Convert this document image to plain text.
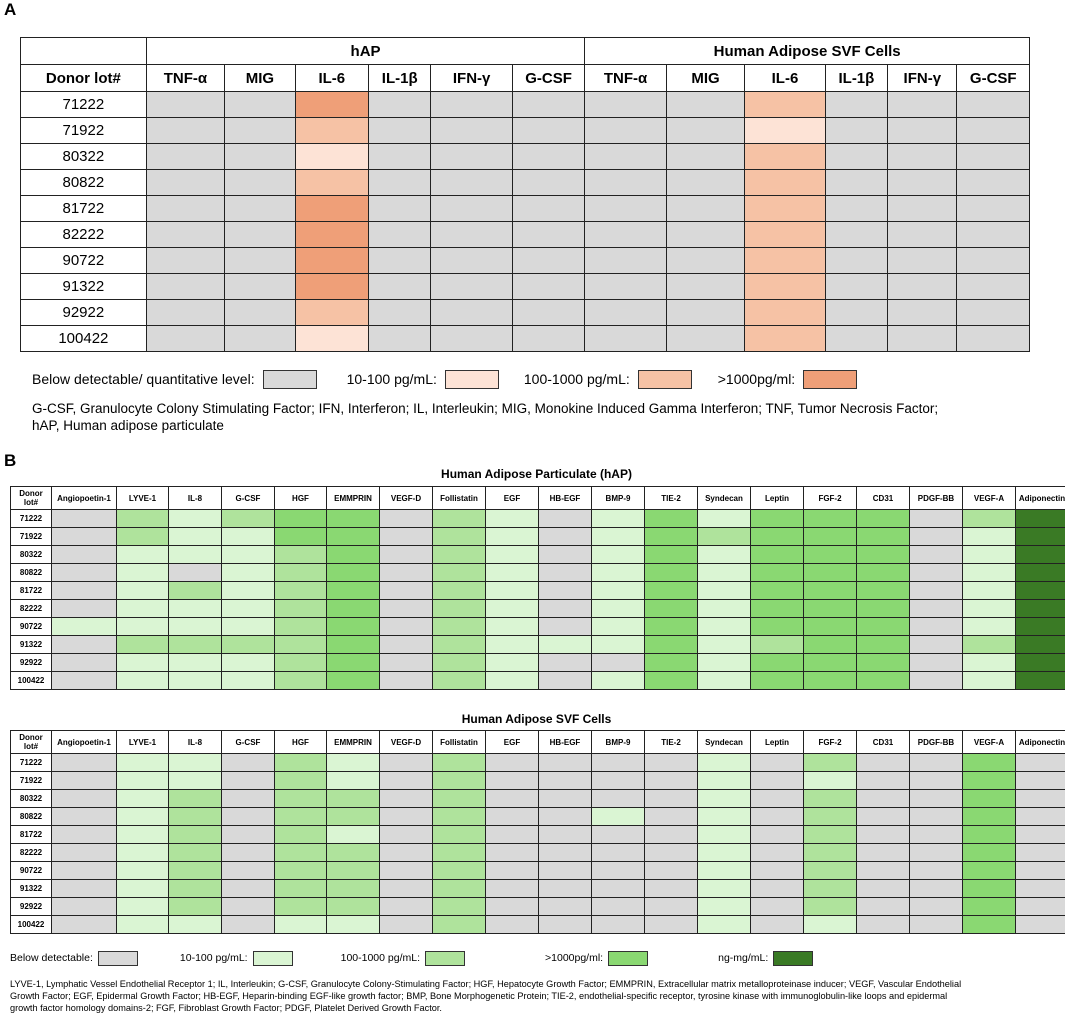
A
	hAP						Human Adipose SVF Cells					
Donor lot#	TNF-α	MIG	IL-6	IL-1β	IFN-γ	G-CSF	TNF-α	MIG	IL-6	IL-1β	IFN-γ	G-CSF
71222												
71922												
80322												
80822												
81722												
82222												
90722												
91322												
92922												
100422												
Below detectable/ quantitative level:	10-100 pg/mL:	100-1000 pg/mL:	>1000pg/ml:
G-CSF, Granulocyte Colony Stimulating Factor; IFN, Interferon; IL, Interleukin; MIG, Monokine Induced Gamma Interferon; TNF, Tumor Necrosis Factor;
hAP, Human adipose particulate
B
Human Adipose Particulate (hAP)
Donor
lot#	Angiopoetin-1	LYVE-1	IL-8	G-CSF	HGF	EMMPRIN	VEGF-D	Follistatin	EGF	HB-EGF	BMP-9	TIE-2	Syndecan	Leptin	FGF-2	CD31	PDGF-BB	VEGF-A	Adiponectin
71222																			
71922																			
80322																			
80822																			
81722																			
82222																			
90722																			
91322																			
92922																			
100422																			
Human Adipose SVF Cells
Donor
lot#	Angiopoetin-1	LYVE-1	IL-8	G-CSF	HGF	EMMPRIN	VEGF-D	Follistatin	EGF	HB-EGF	BMP-9	TIE-2	Syndecan	Leptin	FGF-2	CD31	PDGF-BB	VEGF-A	Adiponectin
71222																			
71922																			
80322																			
80822																			
81722																			
82222																			
90722																			
91322																			
92922																			
100422																			
Below detectable:	10-100 pg/mL:	100-1000 pg/mL:	>1000pg/ml:	ng-mg/mL:
LYVE-1, Lymphatic Vessel Endothelial Receptor 1; IL, Interleukin; G-CSF, Granulocyte Colony-Stimulating Factor; HGF, Hepatocyte Growth Factor; EMMPRIN, Extracellular matrix metalloproteinase inducer; VEGF, Vascular Endothelial
Growth Factor; EGF, Epidermal Growth Factor; HB-EGF, Heparin-binding EGF-like growth factor; BMP, Bone Morphogenetic Protein; TIE-2, endothelial-specific receptor, tyrosine kinase with immunoglobulin-like loops and epidermal
growth factor homology domains-2; FGF, Fibroblast Growth Factor; PDGF, Platelet Derived Growth Factor.
